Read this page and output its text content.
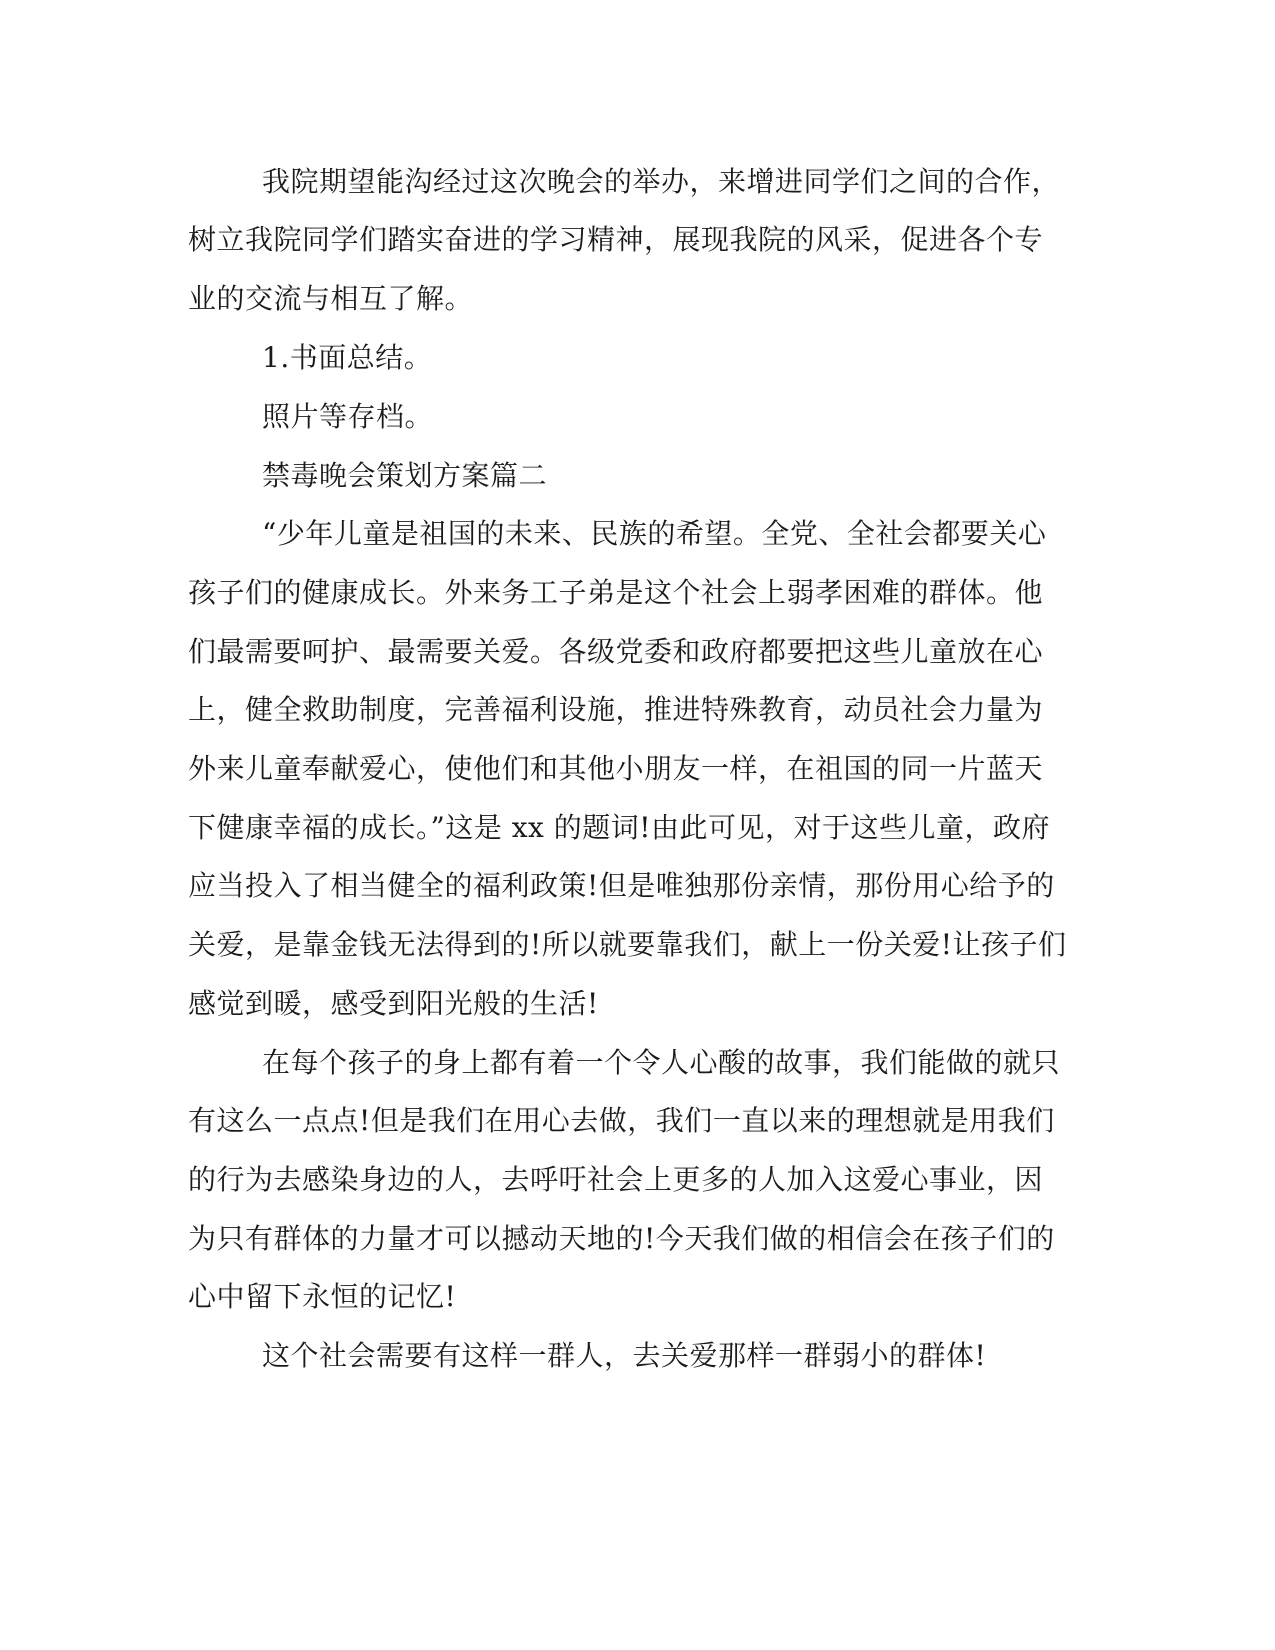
我院期望能沟经过这次晚会的举办，来增进同学们之间的合作，
树立我院同学们踏实奋进的学习精神，展现我院的风采，促进各个专
业的交流与相互了解。
1.书面总结。
照片等存档。
禁毒晚会策划方案篇二
“少年儿童是祖国的未来、民族的希望。全党、全社会都要关心
孩子们的健康成长。外来务工子弟是这个社会上弱孝困难的群体。他
们最需要呵护、最需要关爱。各级党委和政府都要把这些儿童放在心
上，健全救助制度，完善福利设施，推进特殊教育，动员社会力量为
外来儿童奉献爱心，使他们和其他小朋友一样，在祖国的同一片蓝天
下健康幸福的成长。”这是 xx 的题词!由此可见，对于这些儿童，政府
应当投入了相当健全的福利政策!但是唯独那份亲情，那份用心给予的
关爱，是靠金钱无法得到的!所以就要靠我们，献上一份关爱!让孩子们
感觉到暖，感受到阳光般的生活!
在每个孩子的身上都有着一个令人心酸的故事，我们能做的就只
有这么一点点!但是我们在用心去做，我们一直以来的理想就是用我们
的行为去感染身边的人，去呼吁社会上更多的人加入这爱心事业，因
为只有群体的力量才可以撼动天地的!今天我们做的相信会在孩子们的
心中留下永恒的记忆!
这个社会需要有这样一群人，去关爱那样一群弱小的群体!
